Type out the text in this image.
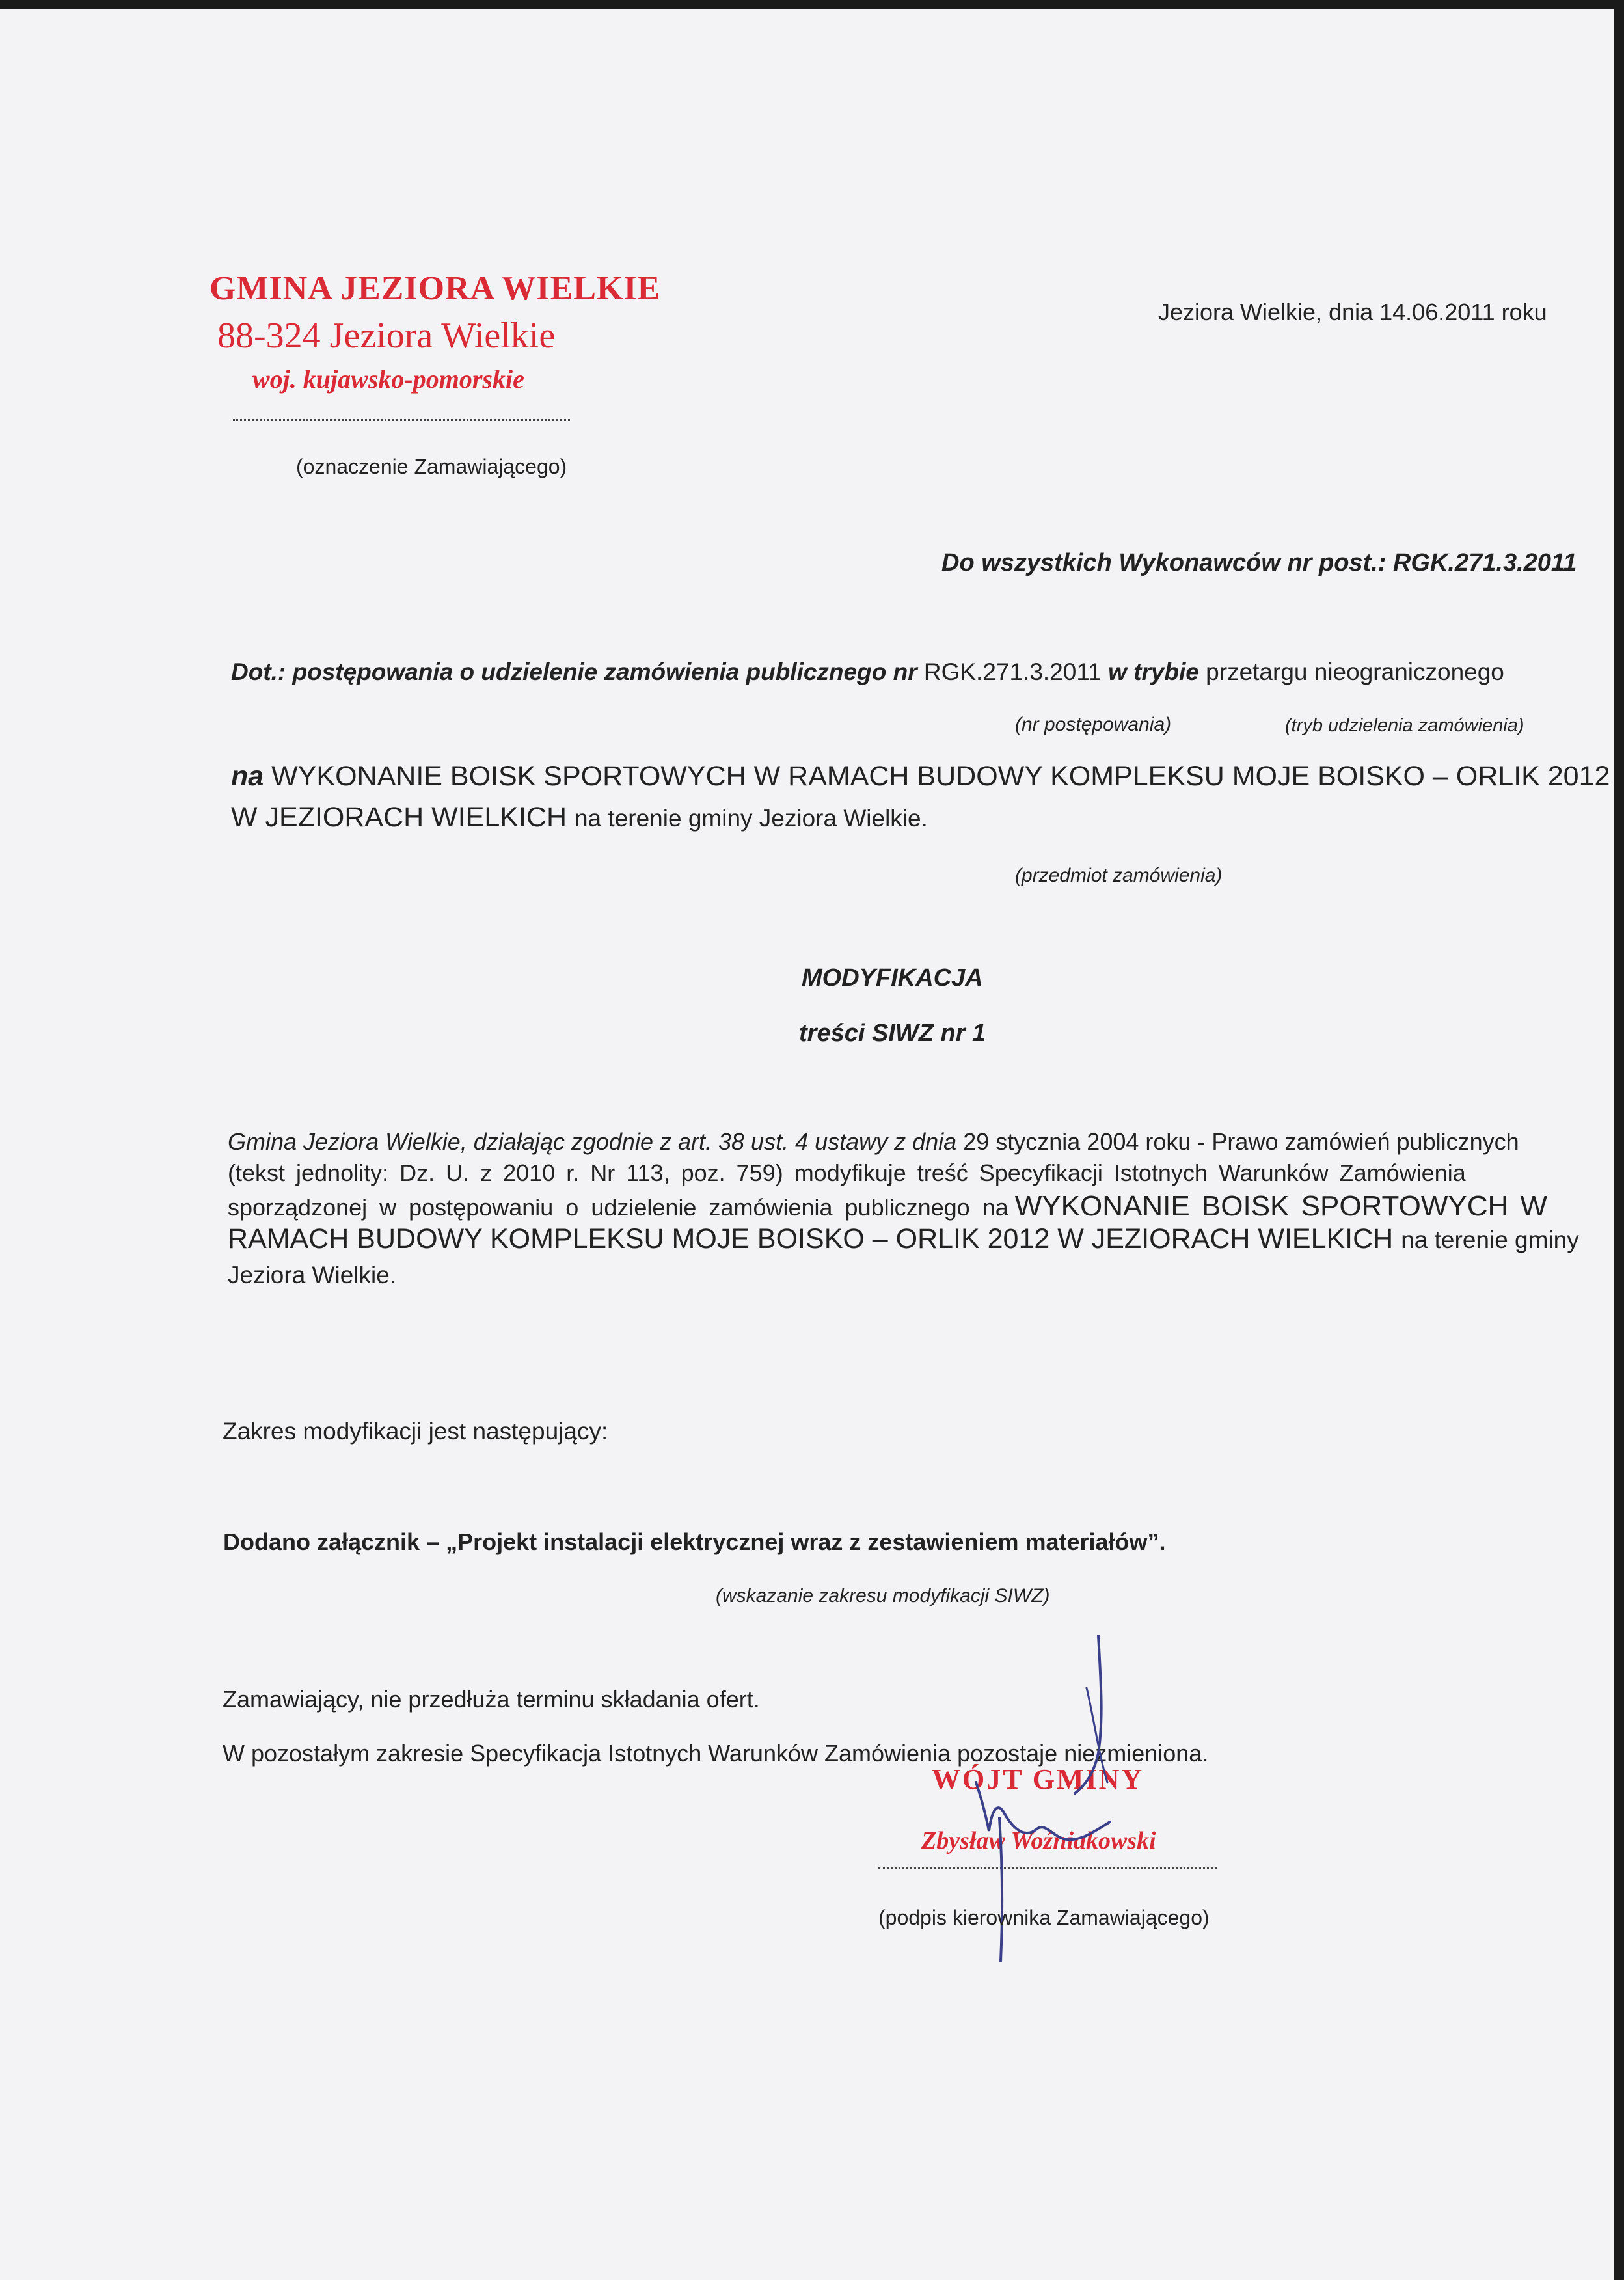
GMINA JEZIORA WIELKIE
88-324 Jeziora Wielkie
woj. kujawsko-pomorskie
(oznaczenie Zamawiającego)
Jeziora Wielkie, dnia 14.06.2011 roku
Do wszystkich Wykonawców nr post.: RGK.271.3.2011
Dot.: postępowania o udzielenie zamówienia publicznego nr RGK.271.3.2011 w trybie przetargu nieograniczonego
(nr postępowania)	(tryb udzielenia zamówienia)
na WYKONANIE BOISK SPORTOWYCH W RAMACH BUDOWY KOMPLEKSU MOJE BOISKO – ORLIK 2012
W JEZIORACH WIELKICH na terenie gminy Jeziora Wielkie.
(przedmiot zamówienia)
MODYFIKACJA
treści SIWZ nr 1
Gmina Jeziora Wielkie, działając zgodnie z art. 38 ust. 4 ustawy z dnia 29 stycznia 2004 roku - Prawo zamówień publicznych
(tekst jednolity: Dz. U. z 2010 r. Nr 113, poz. 759) modyfikuje treść Specyfikacji Istotnych Warunków Zamówienia
sporządzonej w postępowaniu o udzielenie zamówienia publicznego na WYKONANIE BOISK SPORTOWYCH W
RAMACH BUDOWY KOMPLEKSU MOJE BOISKO – ORLIK 2012 W JEZIORACH WIELKICH na terenie gminy
Jeziora Wielkie.
Zakres modyfikacji jest następujący:
Dodano załącznik – „Projekt instalacji elektrycznej wraz z zestawieniem materiałów”.
(wskazanie zakresu modyfikacji SIWZ)
Zamawiający, nie przedłuża terminu składania ofert.
W pozostałym zakresie Specyfikacja Istotnych Warunków Zamówienia pozostaje niezmieniona.
WÓJT GMINY
Zbysław Woźniakowski
(podpis kierownika Zamawiającego)
